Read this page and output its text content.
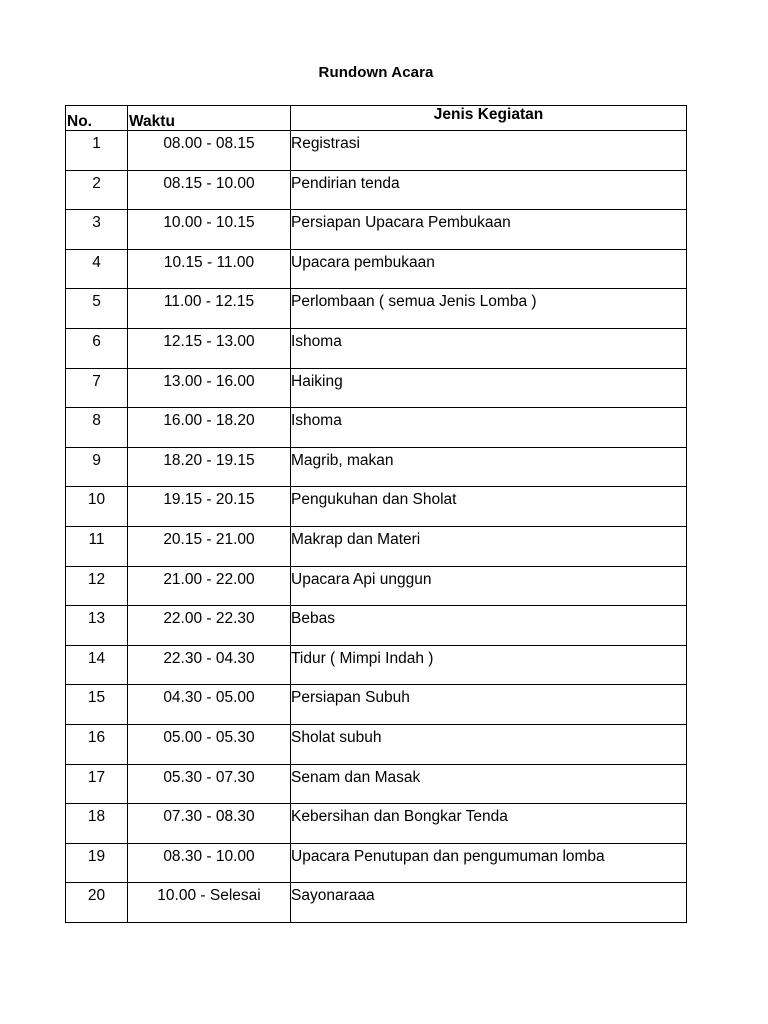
Rundown Acara
No.	Waktu	Jenis Kegiatan
1	08.00 - 08.15	Registrasi
2	08.15 - 10.00	Pendirian tenda
3	10.00 - 10.15	Persiapan Upacara Pembukaan
4	10.15 - 11.00	Upacara pembukaan
5	11.00 - 12.15	Perlombaan ( semua Jenis Lomba )
6	12.15 - 13.00	Ishoma
7	13.00 - 16.00	Haiking
8	16.00 - 18.20	Ishoma
9	18.20 - 19.15	Magrib, makan
10	19.15 - 20.15	Pengukuhan dan Sholat
11	20.15 - 21.00	Makrap dan Materi
12	21.00 - 22.00	Upacara Api unggun
13	22.00 - 22.30	Bebas
14	22.30 - 04.30	Tidur ( Mimpi Indah )
15	04.30 - 05.00	Persiapan Subuh
16	05.00 - 05.30	Sholat subuh
17	05.30 - 07.30	Senam dan Masak
18	07.30 - 08.30	Kebersihan dan Bongkar Tenda
19	08.30 - 10.00	Upacara Penutupan dan pengumuman lomba
20	10.00 - Selesai	Sayonaraaa
